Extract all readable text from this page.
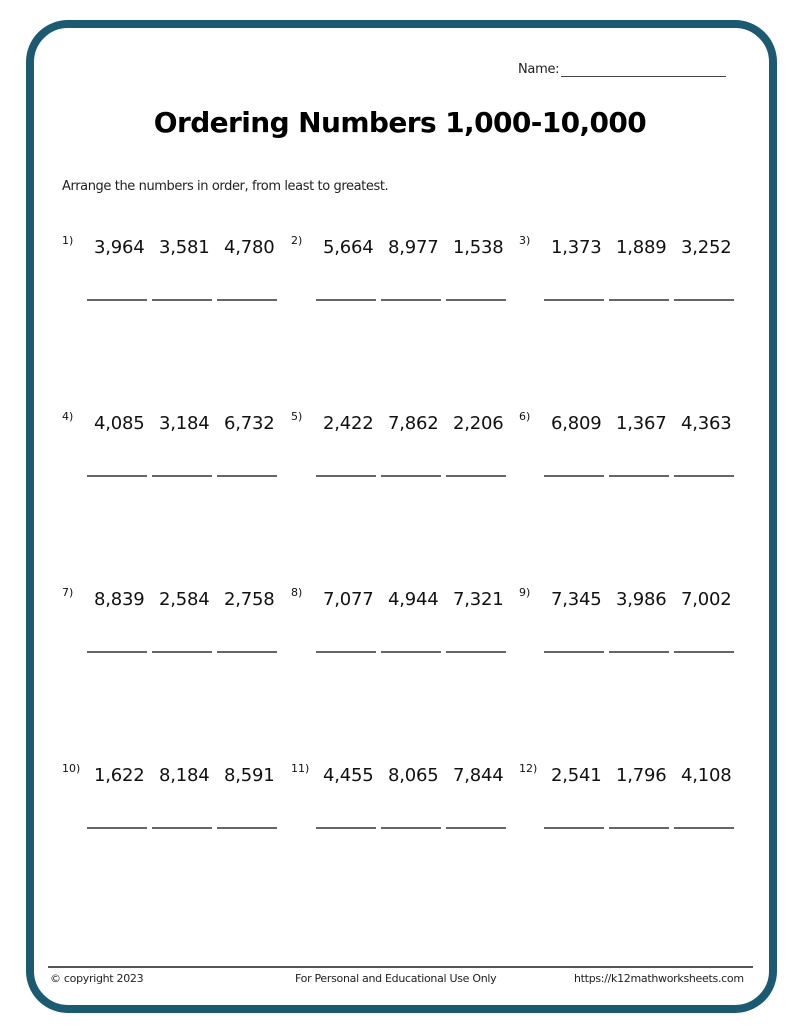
Name:
Ordering Numbers 1,000-10,000
Arrange the numbers in order, from least to greatest.
1) 3,964 3,581 4,780	2) 5,664 8,977 1,538	3) 1,373 1,889 3,252
4) 4,085 3,184 6,732	5) 2,422 7,862 2,206	6) 6,809 1,367 4,363
7) 8,839 2,584 2,758	8) 7,077 4,944 7,321	9) 7,345 3,986 7,002
10) 1,622 8,184 8,591	11) 4,455 8,065 7,844	12) 2,541 1,796 4,108
© copyright 2023	For Personal and Educational Use Only	https://k12mathworksheets.com
